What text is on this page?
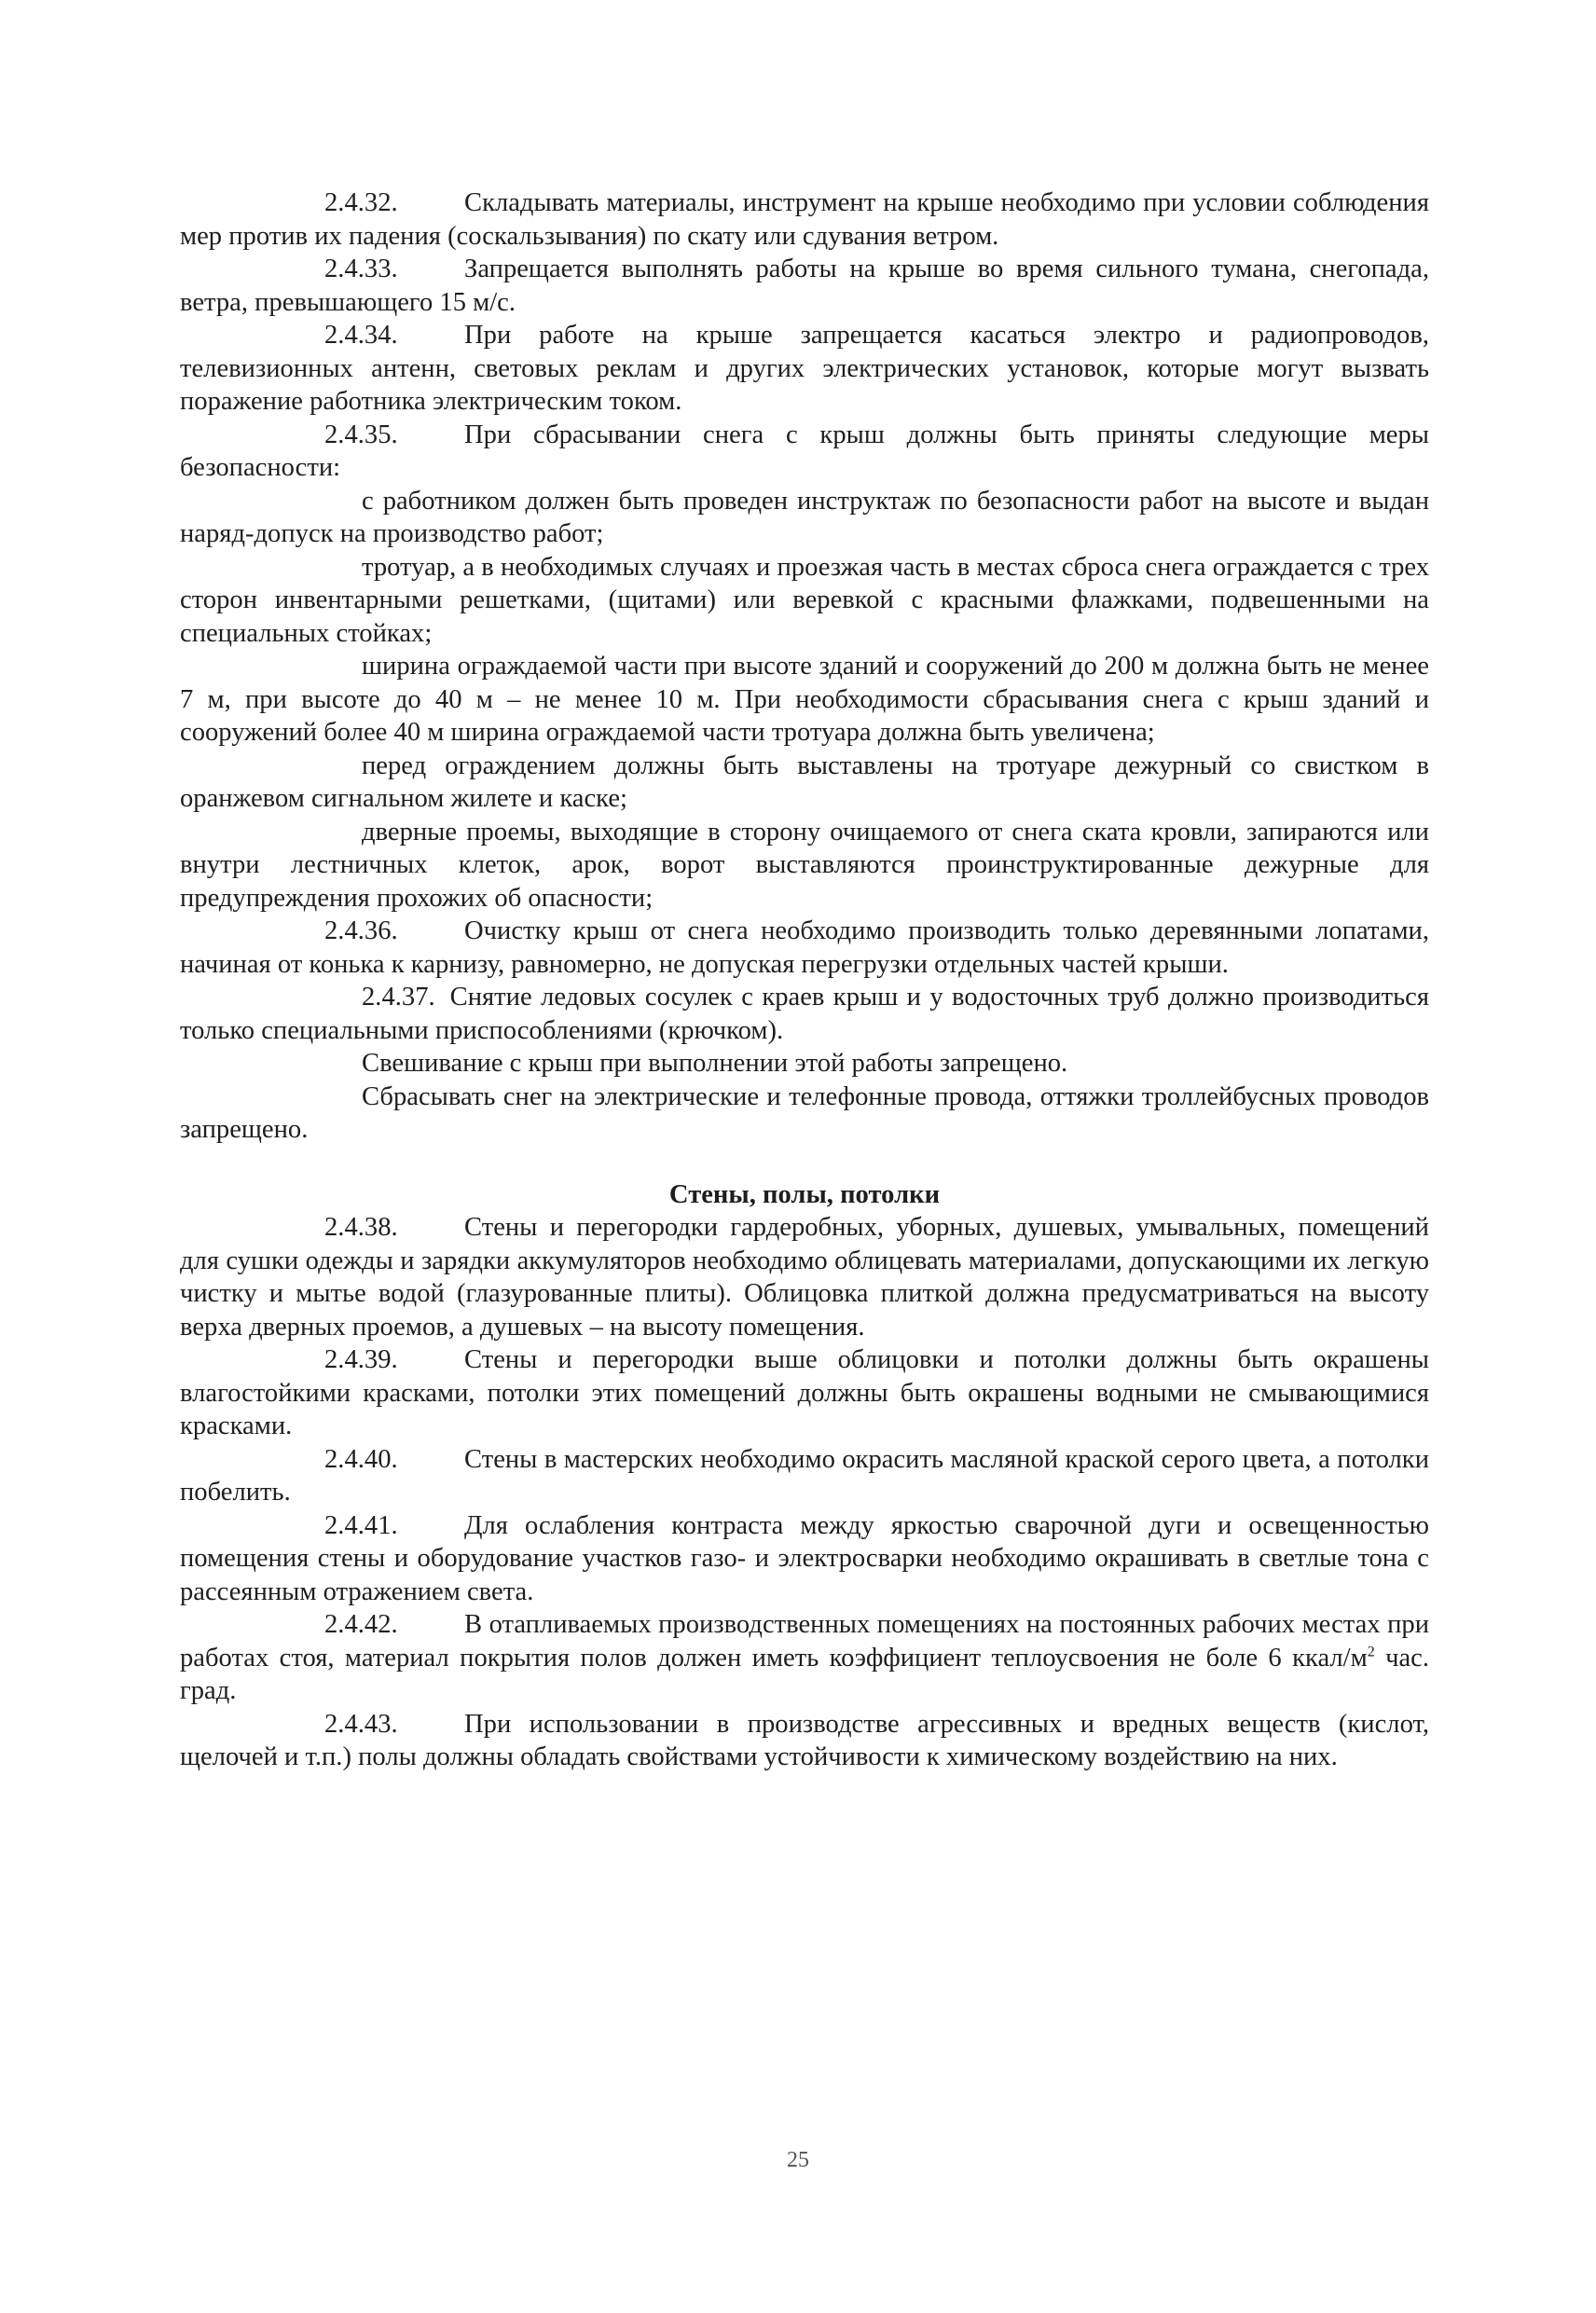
2.4.32. Складывать материалы, инструмент на крыше необходимо при условии соблюдения мер против их падения (соскальзывания) по скату или сдувания ветром.

2.4.33. Запрещается выполнять работы на крыше во время сильного тумана, снегопада, ветра, превышающего 15 м/с.

2.4.34. При работе на крыше запрещается касаться электро и радиопроводов, телевизионных антенн, световых реклам и других электрических установок, которые могут вызвать поражение работника электрическим током.

2.4.35. При сбрасывании снега с крыш должны быть приняты следующие меры безопасности:

с работником должен быть проведен инструктаж по безопасности работ на высоте и выдан наряд-допуск на производство работ;

тротуар, а в необходимых случаях и проезжая часть в местах сброса снега ограждается с трех сторон инвентарными решетками, (щитами) или веревкой с красными флажками, подвешенными на специальных стойках;

ширина ограждаемой части при высоте зданий и сооружений до 200 м должна быть не менее 7 м, при высоте до 40 м – не менее 10 м. При необходимости сбрасывания снега с крыш зданий и сооружений более 40 м ширина ограждаемой части тротуара должна быть увеличена;

перед ограждением должны быть выставлены на тротуаре дежурный со свистком в оранжевом сигнальном жилете и каске;

дверные проемы, выходящие в сторону очищаемого от снега ската кровли, запираются или внутри лестничных клеток, арок, ворот выставляются проинструктированные дежурные для предупреждения прохожих об опасности;

2.4.36. Очистку крыш от снега необходимо производить только деревянными лопатами, начиная от конька к карнизу, равномерно, не допуская перегрузки отдельных частей крыши.

2.4.37. Снятие ледовых сосулек с краев крыш и у водосточных труб должно производиться только специальными приспособлениями (крючком).

Свешивание с крыш при выполнении этой работы запрещено.

Сбрасывать снег на электрические и телефонные провода, оттяжки троллейбусных проводов запрещено.

Стены, полы, потолки

2.4.38. Стены и перегородки гардеробных, уборных, душевых, умывальных, помещений для сушки одежды и зарядки аккумуляторов необходимо облицевать материалами, допускающими их легкую чистку и мытье водой (глазурованные плиты). Облицовка плиткой должна предусматриваться на высоту верха дверных проемов, а душевых – на высоту помещения.

2.4.39. Стены и перегородки выше облицовки и потолки должны быть окрашены влагостойкими красками, потолки этих помещений должны быть окрашены водными не смывающимися красками.

2.4.40. Стены в мастерских необходимо окрасить масляной краской серого цвета, а потолки побелить.

2.4.41. Для ослабления контраста между яркостью сварочной дуги и освещенностью помещения стены и оборудование участков газо- и электросварки необходимо окрашивать в светлые тона с рассеянным отражением света.

2.4.42. В отапливаемых производственных помещениях на постоянных рабочих местах при работах стоя, материал покрытия полов должен иметь коэффициент теплоусвоения не боле 6 ккал/$м^2$ час. град.

2.4.43. При использовании в производстве агрессивных и вредных веществ (кислот, щелочей и т.п.) полы должны обладать свойствами устойчивости к химическому воздействию на них.

25
